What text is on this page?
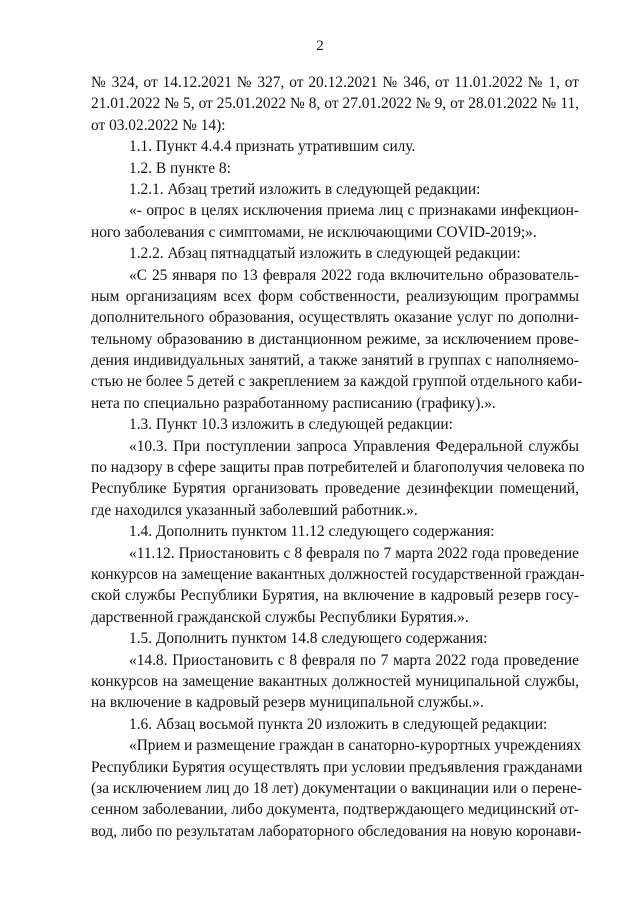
2
№ 324, от 14.12.2021 № 327, от 20.12.2021 № 346, от 11.01.2022 № 1, от
21.01.2022 № 5, от 25.01.2022 № 8, от 27.01.2022 № 9, от 28.01.2022 № 11,
от 03.02.2022 № 14):
1.1. Пункт 4.4.4 признать утратившим силу.
1.2. В пункте 8:
1.2.1. Абзац третий изложить в следующей редакции:
«- опрос в целях исключения приема лиц с признаками инфекцион-
ного заболевания с симптомами, не исключающими COVID-2019;».
1.2.2. Абзац пятнадцатый изложить в следующей редакции:
«С 25 января по 13 февраля 2022 года включительно образователь-
ным организациям всех форм собственности, реализующим программы
дополнительного образования, осуществлять оказание услуг по дополни-
тельному образованию в дистанционном режиме, за исключением прове-
дения индивидуальных занятий, а также занятий в группах с наполняемо-
стью не более 5 детей с закреплением за каждой группой отдельного каби-
нета по специально разработанному расписанию (графику).».
1.3. Пункт 10.3 изложить в следующей редакции:
«10.3. При поступлении запроса Управления Федеральной службы
по надзору в сфере защиты прав потребителей и благополучия человека по
Республике Бурятия организовать проведение дезинфекции помещений,
где находился указанный заболевший работник.».
1.4. Дополнить пунктом 11.12 следующего содержания:
«11.12. Приостановить с 8 февраля по 7 марта 2022 года проведение
конкурсов на замещение вакантных должностей государственной граждан-
ской службы Республики Бурятия, на включение в кадровый резерв госу-
дарственной гражданской службы Республики Бурятия.».
1.5. Дополнить пунктом 14.8 следующего содержания:
«14.8. Приостановить с 8 февраля по 7 марта 2022 года проведение
конкурсов на замещение вакантных должностей муниципальной службы,
на включение в кадровый резерв муниципальной службы.».
1.6. Абзац восьмой пункта 20 изложить в следующей редакции:
«Прием и размещение граждан в санаторно-курортных учреждениях
Республики Бурятия осуществлять при условии предъявления гражданами
(за исключением лиц до 18 лет) документации о вакцинации или о перене-
сенном заболевании, либо документа, подтверждающего медицинский от-
вод, либо по результатам лабораторного обследования на новую коронави-
